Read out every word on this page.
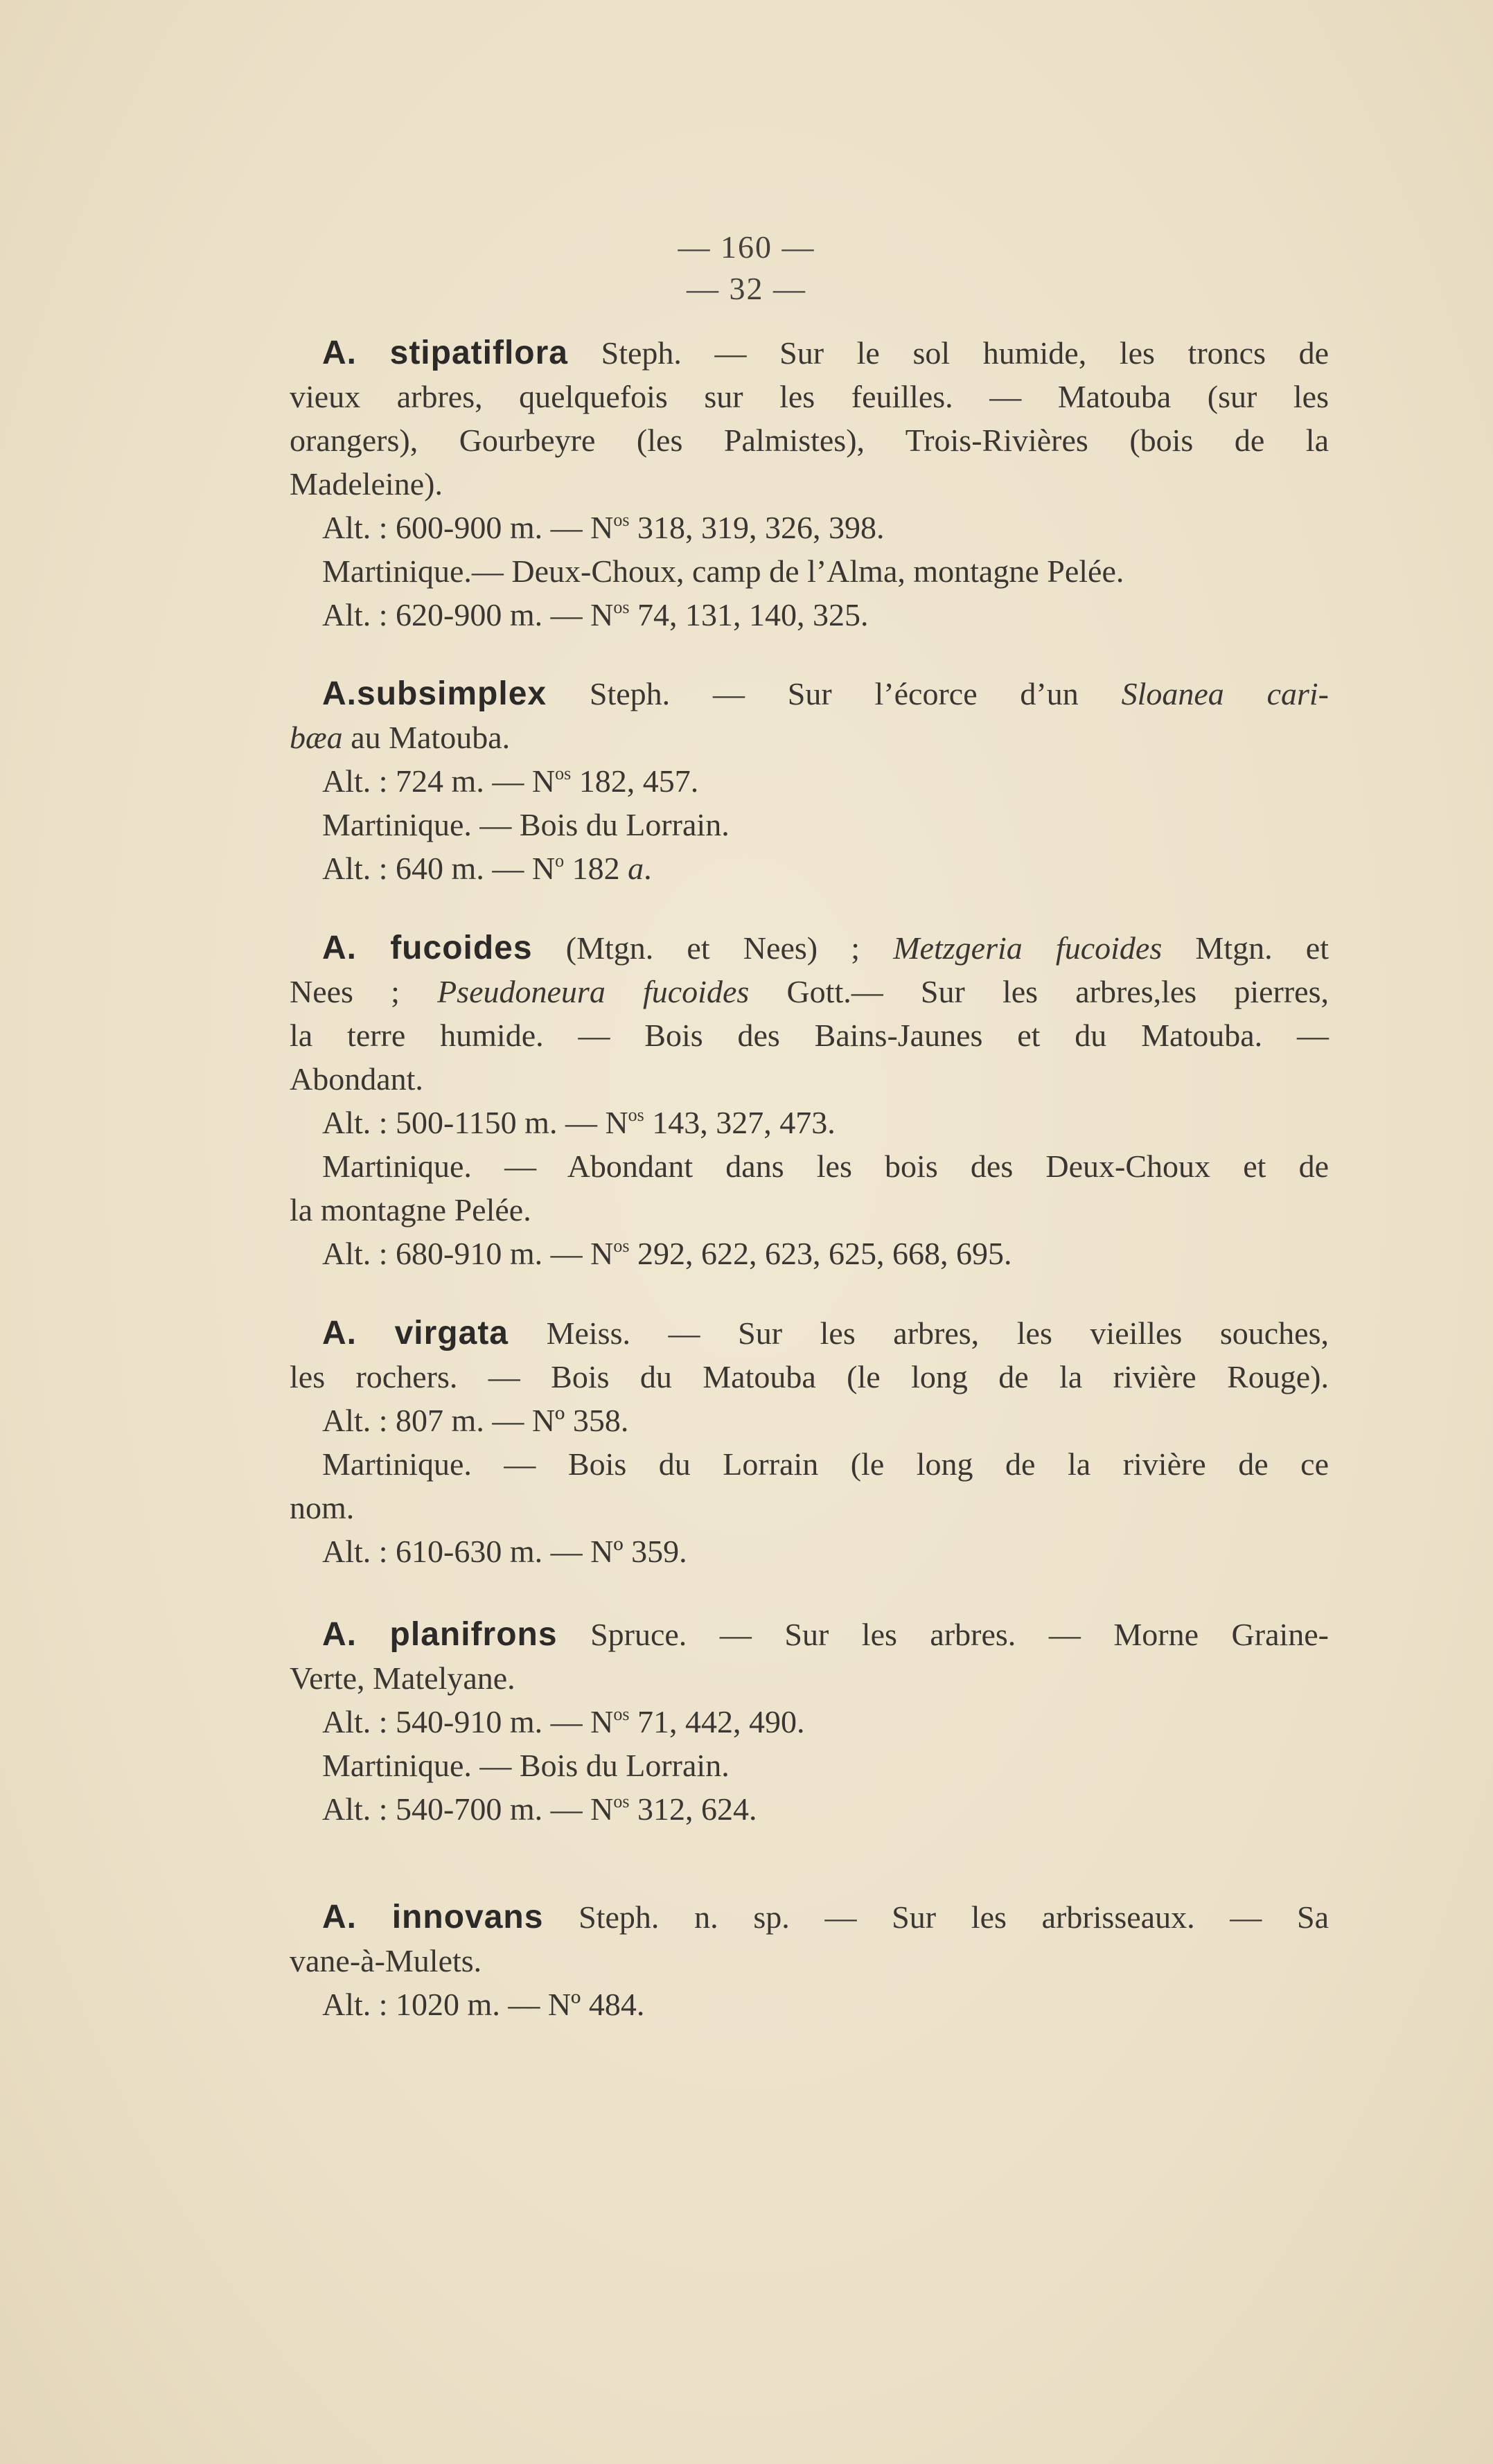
— 160 —
— 32 —
A. stipatiflora Steph. — Sur le sol humide, les troncs de
vieux arbres, quelquefois sur les feuilles. — Matouba (sur les
orangers), Gourbeyre (les Palmistes), Trois-Rivières (bois de la
Madeleine).
Alt. : 600-900 m. — $N^{os}$ 318, 319, 326, 398.
Martinique.— Deux-Choux, camp de l’Alma, montagne Pelée.
Alt. : 620-900 m. — $N^{os}$ 74, 131, 140, 325.
A.subsimplex Steph. — Sur l’écorce d’un Sloanea cari-
bæa au Matouba.
Alt. : 724 m. — $N^{os}$ 182, 457.
Martinique. — Bois du Lorrain.
Alt. : 640 m. — $N^o$ 182 a.
A. fucoides (Mtgn. et Nees) ; Metzgeria fucoides Mtgn. et
Nees ; Pseudoneura fucoides Gott.— Sur les arbres,les pierres,
la terre humide. — Bois des Bains-Jaunes et du Matouba. —
Abondant.
Alt. : 500-1150 m. — $N^{os}$ 143, 327, 473.
Martinique. — Abondant dans les bois des Deux-Choux et de
la montagne Pelée.
Alt. : 680-910 m. — $N^{os}$ 292, 622, 623, 625, 668, 695.
A. virgata Meiss. — Sur les arbres, les vieilles souches,
les rochers. — Bois du Matouba (le long de la rivière Rouge).
Alt. : 807 m. — Nº 358.
Martinique. — Bois du Lorrain (le long de la rivière de ce
nom.
Alt. : 610-630 m. — Nº 359.
A. planifrons Spruce. — Sur les arbres. — Morne Graine-
Verte, Matelyane.
Alt. : 540-910 m. — $N^{os}$ 71, 442, 490.
Martinique. — Bois du Lorrain.
Alt. : 540-700 m. — $N^{os}$ 312, 624.
A. innovans Steph. n. sp. — Sur les arbrisseaux. — Sa
vane-à-Mulets.
Alt. : 1020 m. — Nº 484.
